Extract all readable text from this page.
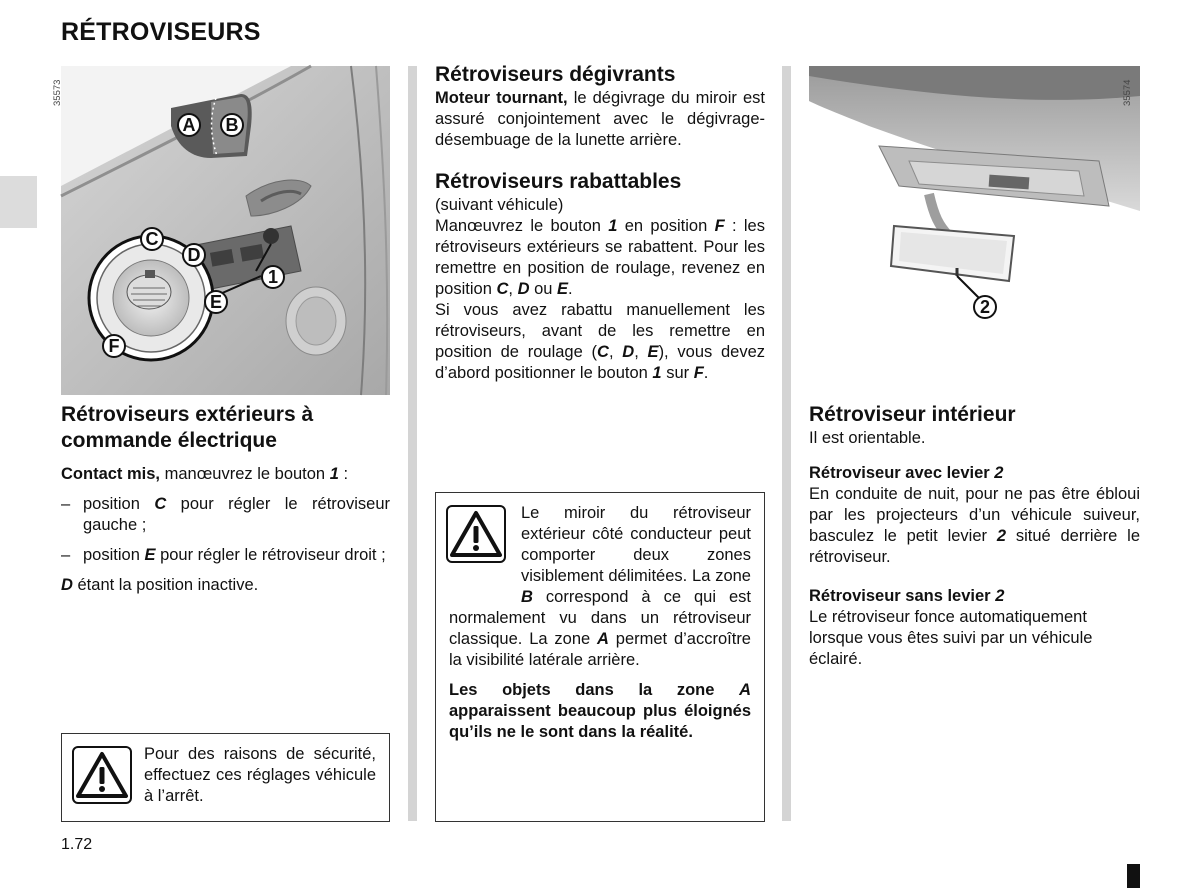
RÉTROVISEURS
35573
A	B
C
D
1
E
F
Rétroviseurs extérieurs à commande électrique

Contact mis, manœuvrez le bouton 1 :

– position C pour régler le rétroviseur gauche ;
– position E pour régler le rétroviseur droit ;

D étant la position inactive.

Pour des raisons de sécurité, effectuez ces réglages véhicule à l’arrêt.

Rétroviseurs dégivrants

Moteur tournant, le dégivrage du miroir est assuré conjointement avec le dégivrage-désembuage de la lunette arrière.

Rétroviseurs rabattables

(suivant véhicule)

Manœuvrez le bouton 1 en position F : les rétroviseurs extérieurs se rabattent. Pour les remettre en position de roulage, revenez en position C, D ou E.

Si vous avez rabattu manuellement les rétroviseurs, avant de les remettre en position de roulage (C, D, E), vous devez d’abord positionner le bouton 1 sur F.

Le miroir du rétroviseur extérieur côté conducteur peut comporter deux zones visiblement délimitées. La zone B correspond à ce qui est normalement vu dans un rétroviseur classique. La zone A permet d’accroître la visibilité latérale arrière.

Les objets dans la zone A apparaissent beaucoup plus éloignés qu’ils ne le sont dans la réalité.

35574
2
Rétroviseur intérieur

Il est orientable.

Rétroviseur avec levier 2

En conduite de nuit, pour ne pas être ébloui par les projecteurs d’un véhicule suiveur, basculez le petit levier 2 situé derrière le rétroviseur.

Rétroviseur sans levier 2

Le rétroviseur fonce automatiquement lorsque vous êtes suivi par un véhicule éclairé.

1.72
